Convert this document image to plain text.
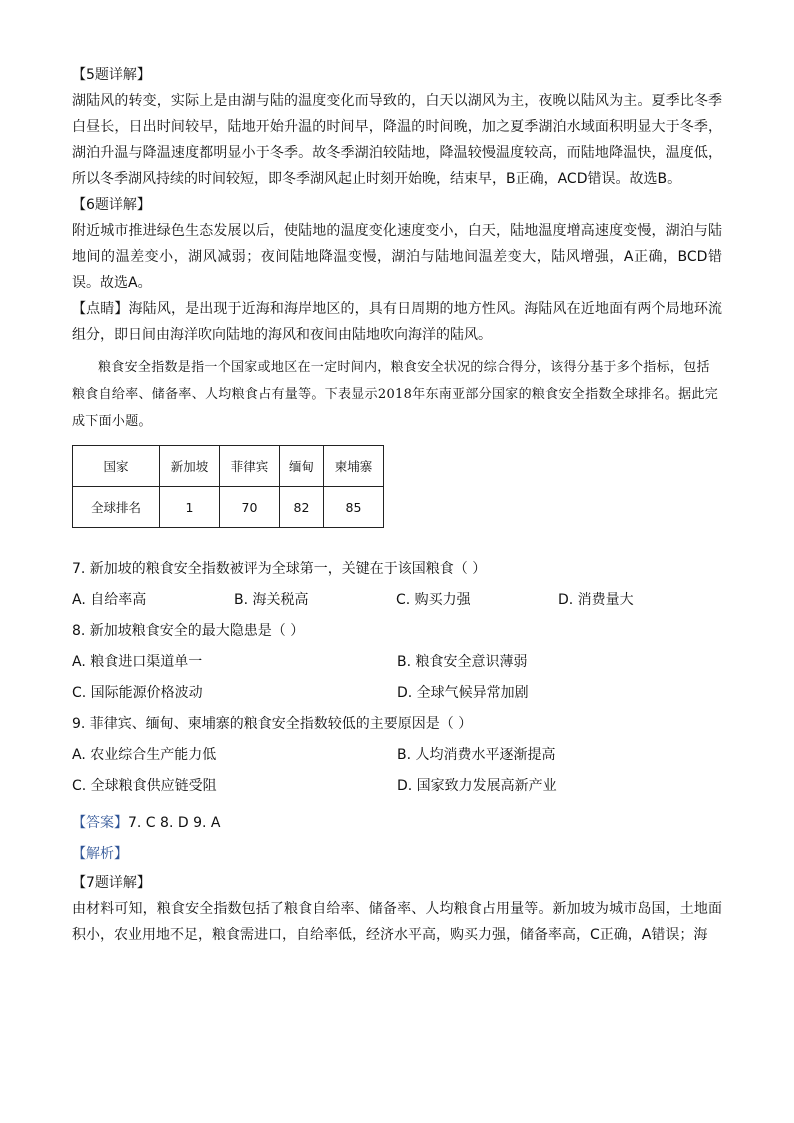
【5题详解】

湖陆风的转变，实际上是由湖与陆的温度变化而导致的，白天以湖风为主，夜晚以陆风为主。夏季比冬季白昼长，日出时间较早，陆地开始升温的时间早，降温的时间晚，加之夏季湖泊水域面积明显大于冬季，湖泊升温与降温速度都明显小于冬季。故冬季湖泊较陆地，降温较慢温度较高，而陆地降温快，温度低，所以冬季湖风持续的时间较短，即冬季湖风起止时刻开始晚，结束早，B正确，ACD错误。故选B。

【6题详解】

附近城市推进绿色生态发展以后，使陆地的温度变化速度变小，白天，陆地温度增高速度变慢，湖泊与陆地间的温差变小，湖风减弱；夜间陆地降温变慢，湖泊与陆地间温差变大，陆风增强，A正确，BCD错误。故选A。

【点睛】海陆风，是出现于近海和海岸地区的，具有日周期的地方性风。海陆风在近地面有两个局地环流组分，即日间由海洋吹向陆地的海风和夜间由陆地吹向海洋的陆风。

粮食安全指数是指一个国家或地区在一定时间内，粮食安全状况的综合得分，该得分基于多个指标，包括粮食自给率、储备率、人均粮食占有量等。下表显示2018年东南亚部分国家的粮食安全指数全球排名。据此完成下面小题。

国家	新加坡	菲律宾	缅甸	柬埔寨
全球排名	1	70	82	85

7. 新加坡的粮食安全指数被评为全球第一，关键在于该国粮食（ ）

A. 自给率高	B. 海关税高	C. 购买力强	D. 消费量大

8. 新加坡粮食安全的最大隐患是（ ）

A. 粮食进口渠道单一	B. 粮食安全意识薄弱
C. 国际能源价格波动	D. 全球气候异常加剧

9. 菲律宾、缅甸、柬埔寨的粮食安全指数较低的主要原因是（ ）

A. 农业综合生产能力低	B. 人均消费水平逐渐提高
C. 全球粮食供应链受阻	D. 国家致力发展高新产业

【答案】7. C 8. D 9. A

【解析】

【7题详解】

由材料可知，粮食安全指数包括了粮食自给率、储备率、人均粮食占用量等。新加坡为城市岛国，土地面积小，农业用地不足，粮食需进口，自给率低，经济水平高，购买力强，储备率高，C正确，A错误；海
